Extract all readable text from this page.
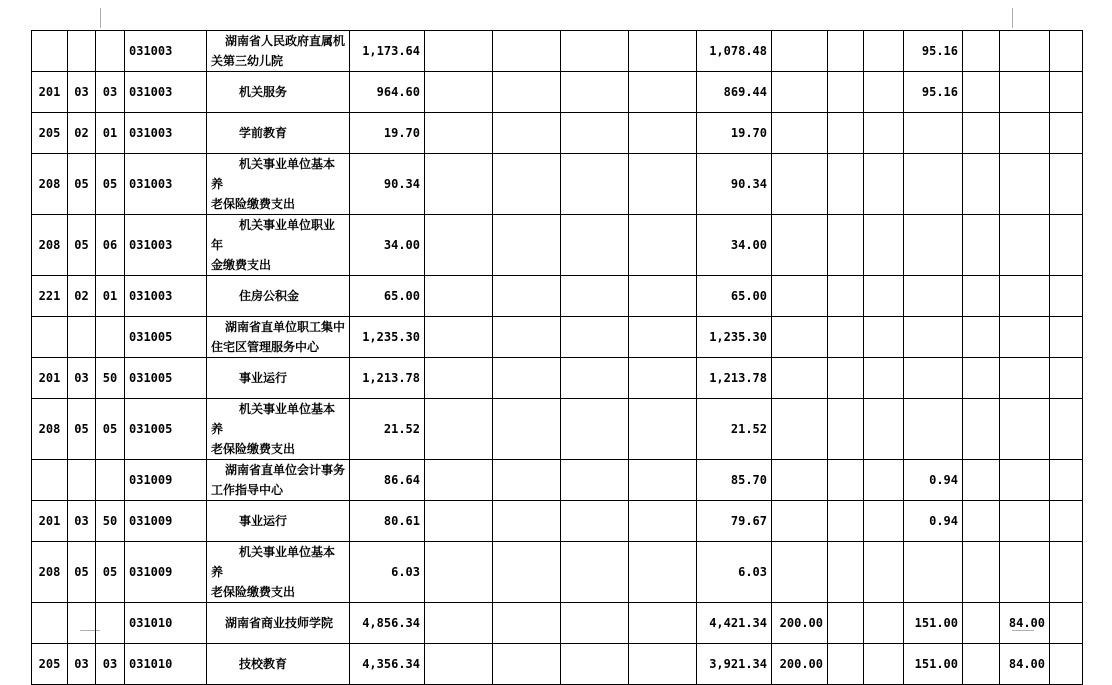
			031003	湖南省人民政府直属机
关第三幼儿院	1,173.64					1,078.48				95.16			
201	03	03	031003	机关服务	964.60					869.44				95.16			
205	02	01	031003	学前教育	19.70					19.70							
208	05	05	031003	机关事业单位基本养
老保险缴费支出	90.34					90.34							
208	05	06	031003	机关事业单位职业年
金缴费支出	34.00					34.00							
221	02	01	031003	住房公积金	65.00					65.00							
			031005	湖南省直单位职工集中
住宅区管理服务中心	1,235.30					1,235.30							
201	03	50	031005	事业运行	1,213.78					1,213.78							
208	05	05	031005	机关事业单位基本养
老保险缴费支出	21.52					21.52							
			031009	湖南省直单位会计事务
工作指导中心	86.64					85.70				0.94			
201	03	50	031009	事业运行	80.61					79.67				0.94			
208	05	05	031009	机关事业单位基本养
老保险缴费支出	6.03					6.03							
			031010	湖南省商业技师学院	4,856.34					4,421.34	200.00			151.00		84.00	
205	03	03	031010	技校教育	4,356.34					3,921.34	200.00			151.00		84.00	
